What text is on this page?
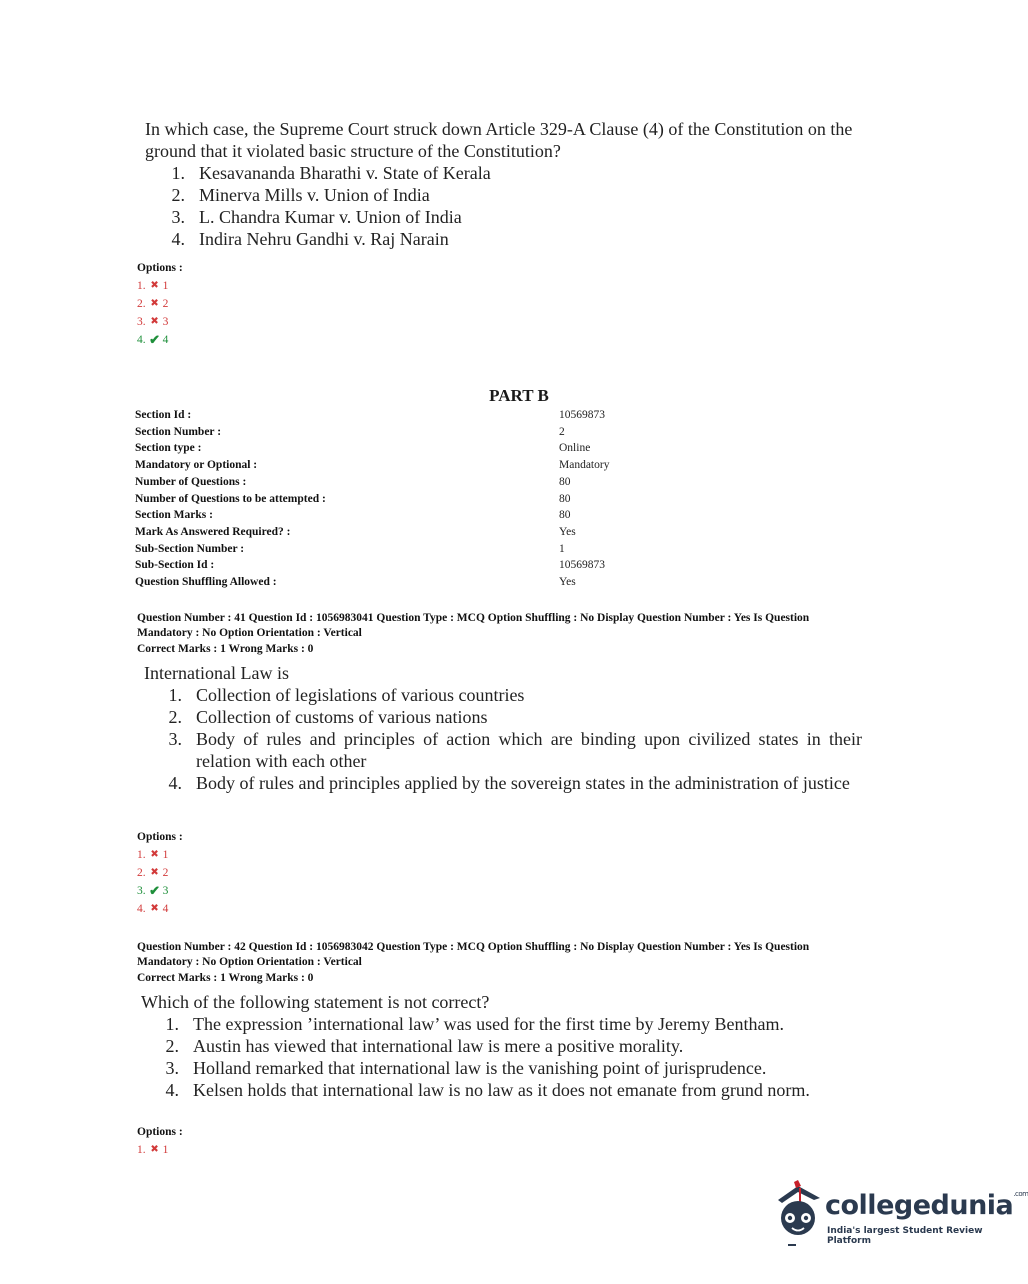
In which case, the Supreme Court struck down Article 329-A Clause (4) of the Constitution on the ground that it violated basic structure of the Constitution?
1. Kesavananda Bharathi v. State of Kerala
2. Minerva Mills v. Union of India
3. L. Chandra Kumar v. Union of India
4. Indira Nehru Gandhi v. Raj Narain
Options :
1. ✖ 1
2. ✖ 2
3. ✖ 3
4. ✔ 4
PART B
Section Id :	10569873
Section Number :	2
Section type :	Online
Mandatory or Optional :	Mandatory
Number of Questions :	80
Number of Questions to be attempted :	80
Section Marks :	80
Mark As Answered Required? :	Yes
Sub-Section Number :	1
Sub-Section Id :	10569873
Question Shuffling Allowed :	Yes
Question Number : 41 Question Id : 1056983041 Question Type : MCQ Option Shuffling : No Display Question Number : Yes Is Question
Mandatory : No Option Orientation : Vertical
Correct Marks : 1 Wrong Marks : 0
International Law is
1. Collection of legislations of various countries
2. Collection of customs of various nations
3. Body of rules and principles of action which are binding upon civilized states in their relation with each other
4. Body of rules and principles applied by the sovereign states in the administration of justice
Options :
1. ✖ 1
2. ✖ 2
3. ✔ 3
4. ✖ 4
Question Number : 42 Question Id : 1056983042 Question Type : MCQ Option Shuffling : No Display Question Number : Yes Is Question
Mandatory : No Option Orientation : Vertical
Correct Marks : 1 Wrong Marks : 0
Which of the following statement is not correct?
1. The expression ’international law’ was used for the first time by Jeremy Bentham.
2. Austin has viewed that international law is mere a positive morality.
3. Holland remarked that international law is the vanishing point of jurisprudence.
4. Kelsen holds that international law is no law as it does not emanate from grund norm.
Options :
1. ✖ 1
collegedunia$^{.com}$
India's largest Student Review Platform
